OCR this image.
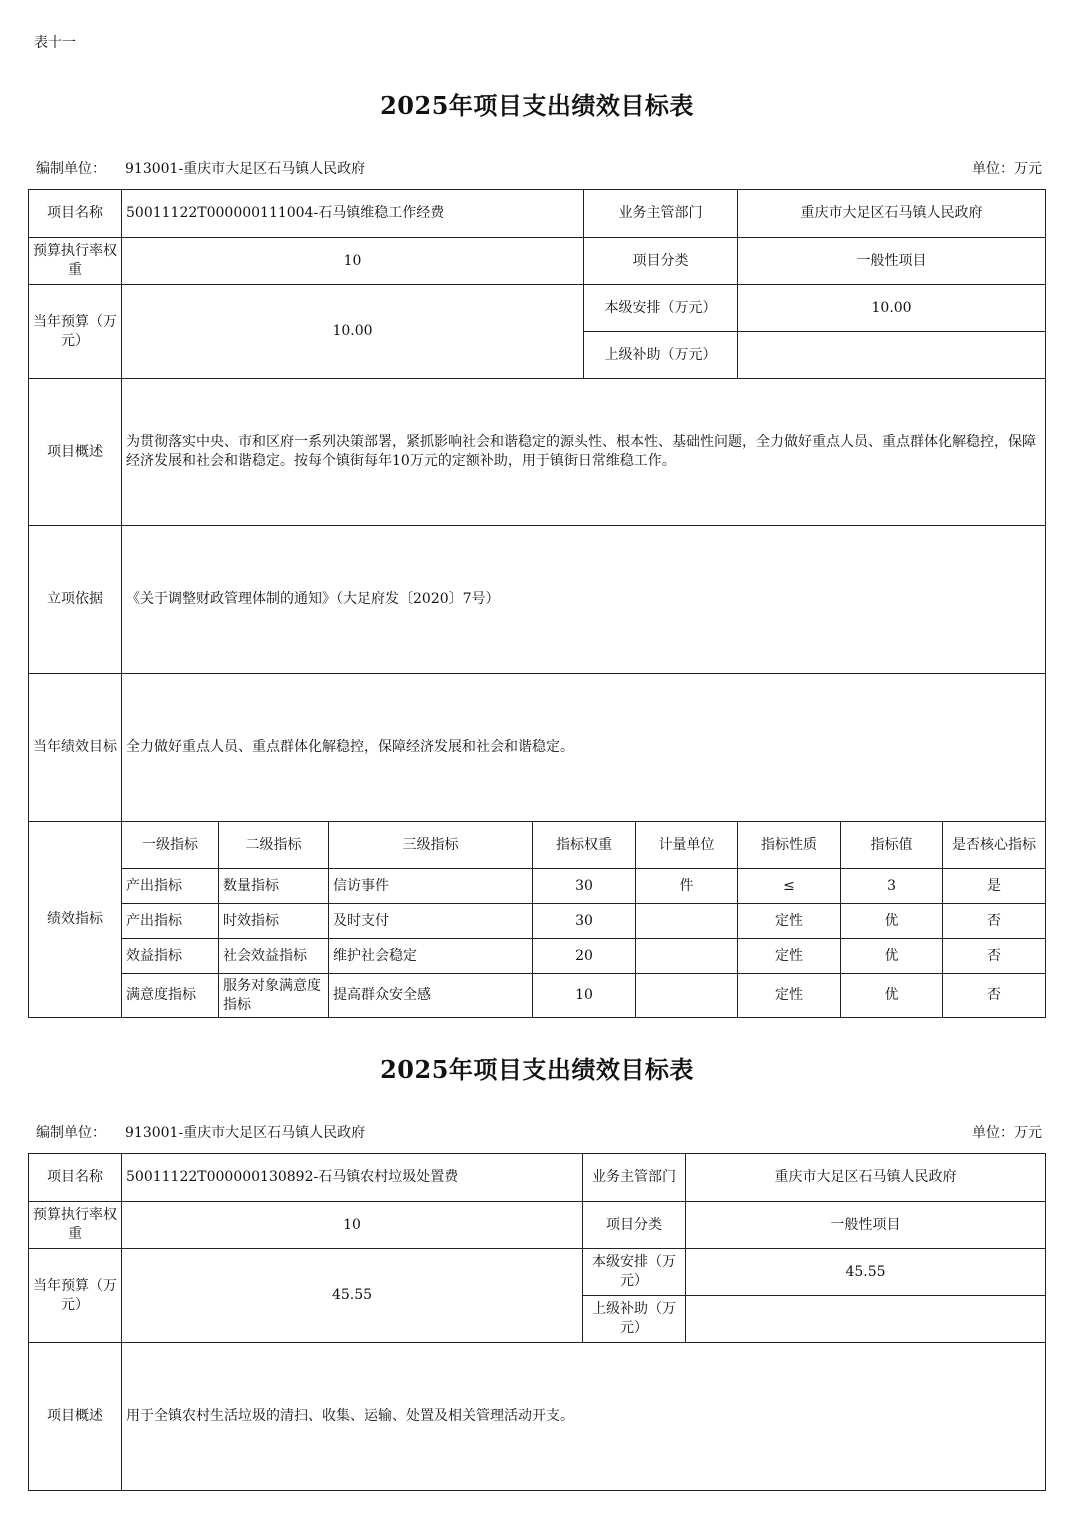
表十一
2025年项目支出绩效目标表
编制单位： 913001-重庆市大足区石马镇人民政府	单位：万元
项目名称	50011122T000000111004-石马镇维稳工作经费				业务主管部门		重庆市大足区石马镇人民政府		
预算执行率权重	10				项目分类		一般性项目		
当年预算（万元）	10.00				本级安排（万元）		10.00		
					上级补助（万元）				
项目概述	为贯彻落实中央、市和区府一系列决策部署，紧抓影响社会和谐稳定的源头性、根本性、基础性问题，全力做好重点人员、重点群体化解稳控，保障经济发展和社会和谐稳定。按每个镇街每年10万元的定额补助，用于镇街日常维稳工作。								
立项依据	《关于调整财政管理体制的通知》（大足府发〔2020〕7号）								
当年绩效目标	全力做好重点人员、重点群体化解稳控，保障经济发展和社会和谐稳定。								
绩效指标	一级指标	二级指标	三级指标	指标权重		计量单位	指标性质	指标值	是否核心指标
	产出指标	数量指标	信访事件	30		件	≤	3	是
	产出指标	时效指标	及时支付	30			定性	优	否
	效益指标	社会效益指标	维护社会稳定	20			定性	优	否
	满意度指标	服务对象满意度指标	提高群众安全感	10			定性	优	否
2025年项目支出绩效目标表
编制单位： 913001-重庆市大足区石马镇人民政府	单位：万元
项目名称	50011122T000000130892-石马镇农村垃圾处置费	业务主管部门	重庆市大足区石马镇人民政府
预算执行率权重	10	项目分类	一般性项目
当年预算（万元）	45.55	本级安排（万元）	45.55
		上级补助（万元）	
项目概述	用于全镇农村生活垃圾的清扫、收集、运输、处置及相关管理活动开支。		
